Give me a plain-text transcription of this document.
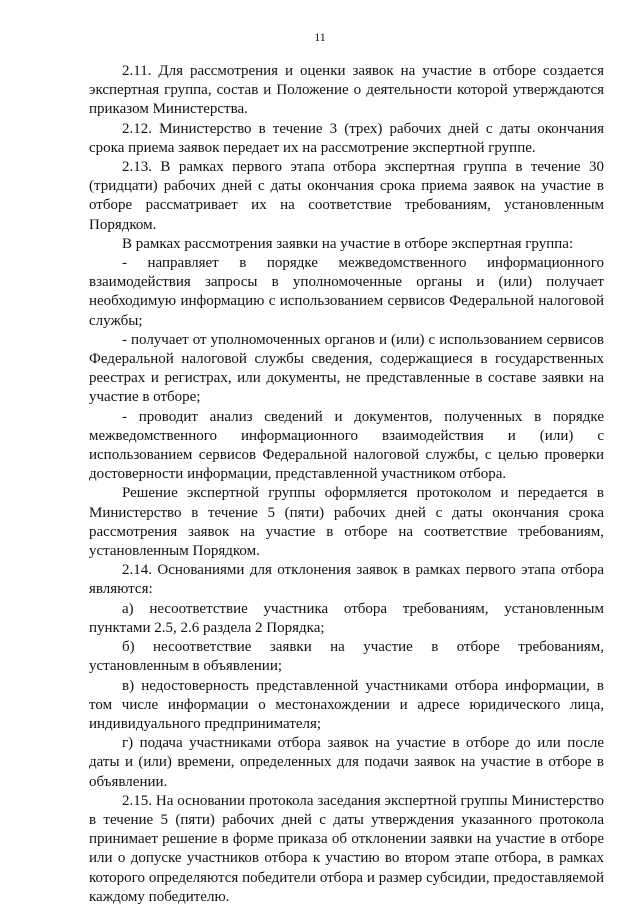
11

2.11. Для рассмотрения и оценки заявок на участие в отборе создается экспертная группа, состав и Положение о деятельности которой утверждаются приказом Министерства.

2.12. Министерство в течение 3 (трех) рабочих дней с даты окончания срока приема заявок передает их на рассмотрение экспертной группе.

2.13. В рамках первого этапа отбора экспертная группа в течение 30 (тридцати) рабочих дней с даты окончания срока приема заявок на участие в отборе рассматривает их на соответствие требованиям, установленным Порядком.

В рамках рассмотрения заявки на участие в отборе экспертная группа:

- направляет в порядке межведомственного информационного взаимодействия запросы в уполномоченные органы и (или) получает необходимую информацию с использованием сервисов Федеральной налоговой службы;

- получает от уполномоченных органов и (или) с использованием сервисов Федеральной налоговой службы сведения, содержащиеся в государственных реестрах и регистрах, или документы, не представленные в составе заявки на участие в отборе;

- проводит анализ сведений и документов, полученных в порядке межведомственного информационного взаимодействия и (или) с использованием сервисов Федеральной налоговой службы, с целью проверки достоверности информации, представленной участником отбора.

Решение экспертной группы оформляется протоколом и передается в Министерство в течение 5 (пяти) рабочих дней с даты окончания срока рассмотрения заявок на участие в отборе на соответствие требованиям, установленным Порядком.

2.14. Основаниями для отклонения заявок в рамках первого этапа отбора являются:

а) несоответствие участника отбора требованиям, установленным пунктами 2.5, 2.6 раздела 2 Порядка;

б) несоответствие заявки на участие в отборе требованиям, установленным в объявлении;

в) недостоверность представленной участниками отбора информации, в том числе информации о местонахождении и адресе юридического лица, индивидуального предпринимателя;

г) подача участниками отбора заявок на участие в отборе до или после даты и (или) времени, определенных для подачи заявок на участие в отборе в объявлении.

2.15. На основании протокола заседания экспертной группы Министерство в течение 5 (пяти) рабочих дней с даты утверждения указанного протокола принимает решение в форме приказа об отклонении заявки на участие в отборе или о допуске участников отбора к участию во втором этапе отбора, в рамках которого определяются победители отбора и размер субсидии, предоставляемой каждому победителю.
